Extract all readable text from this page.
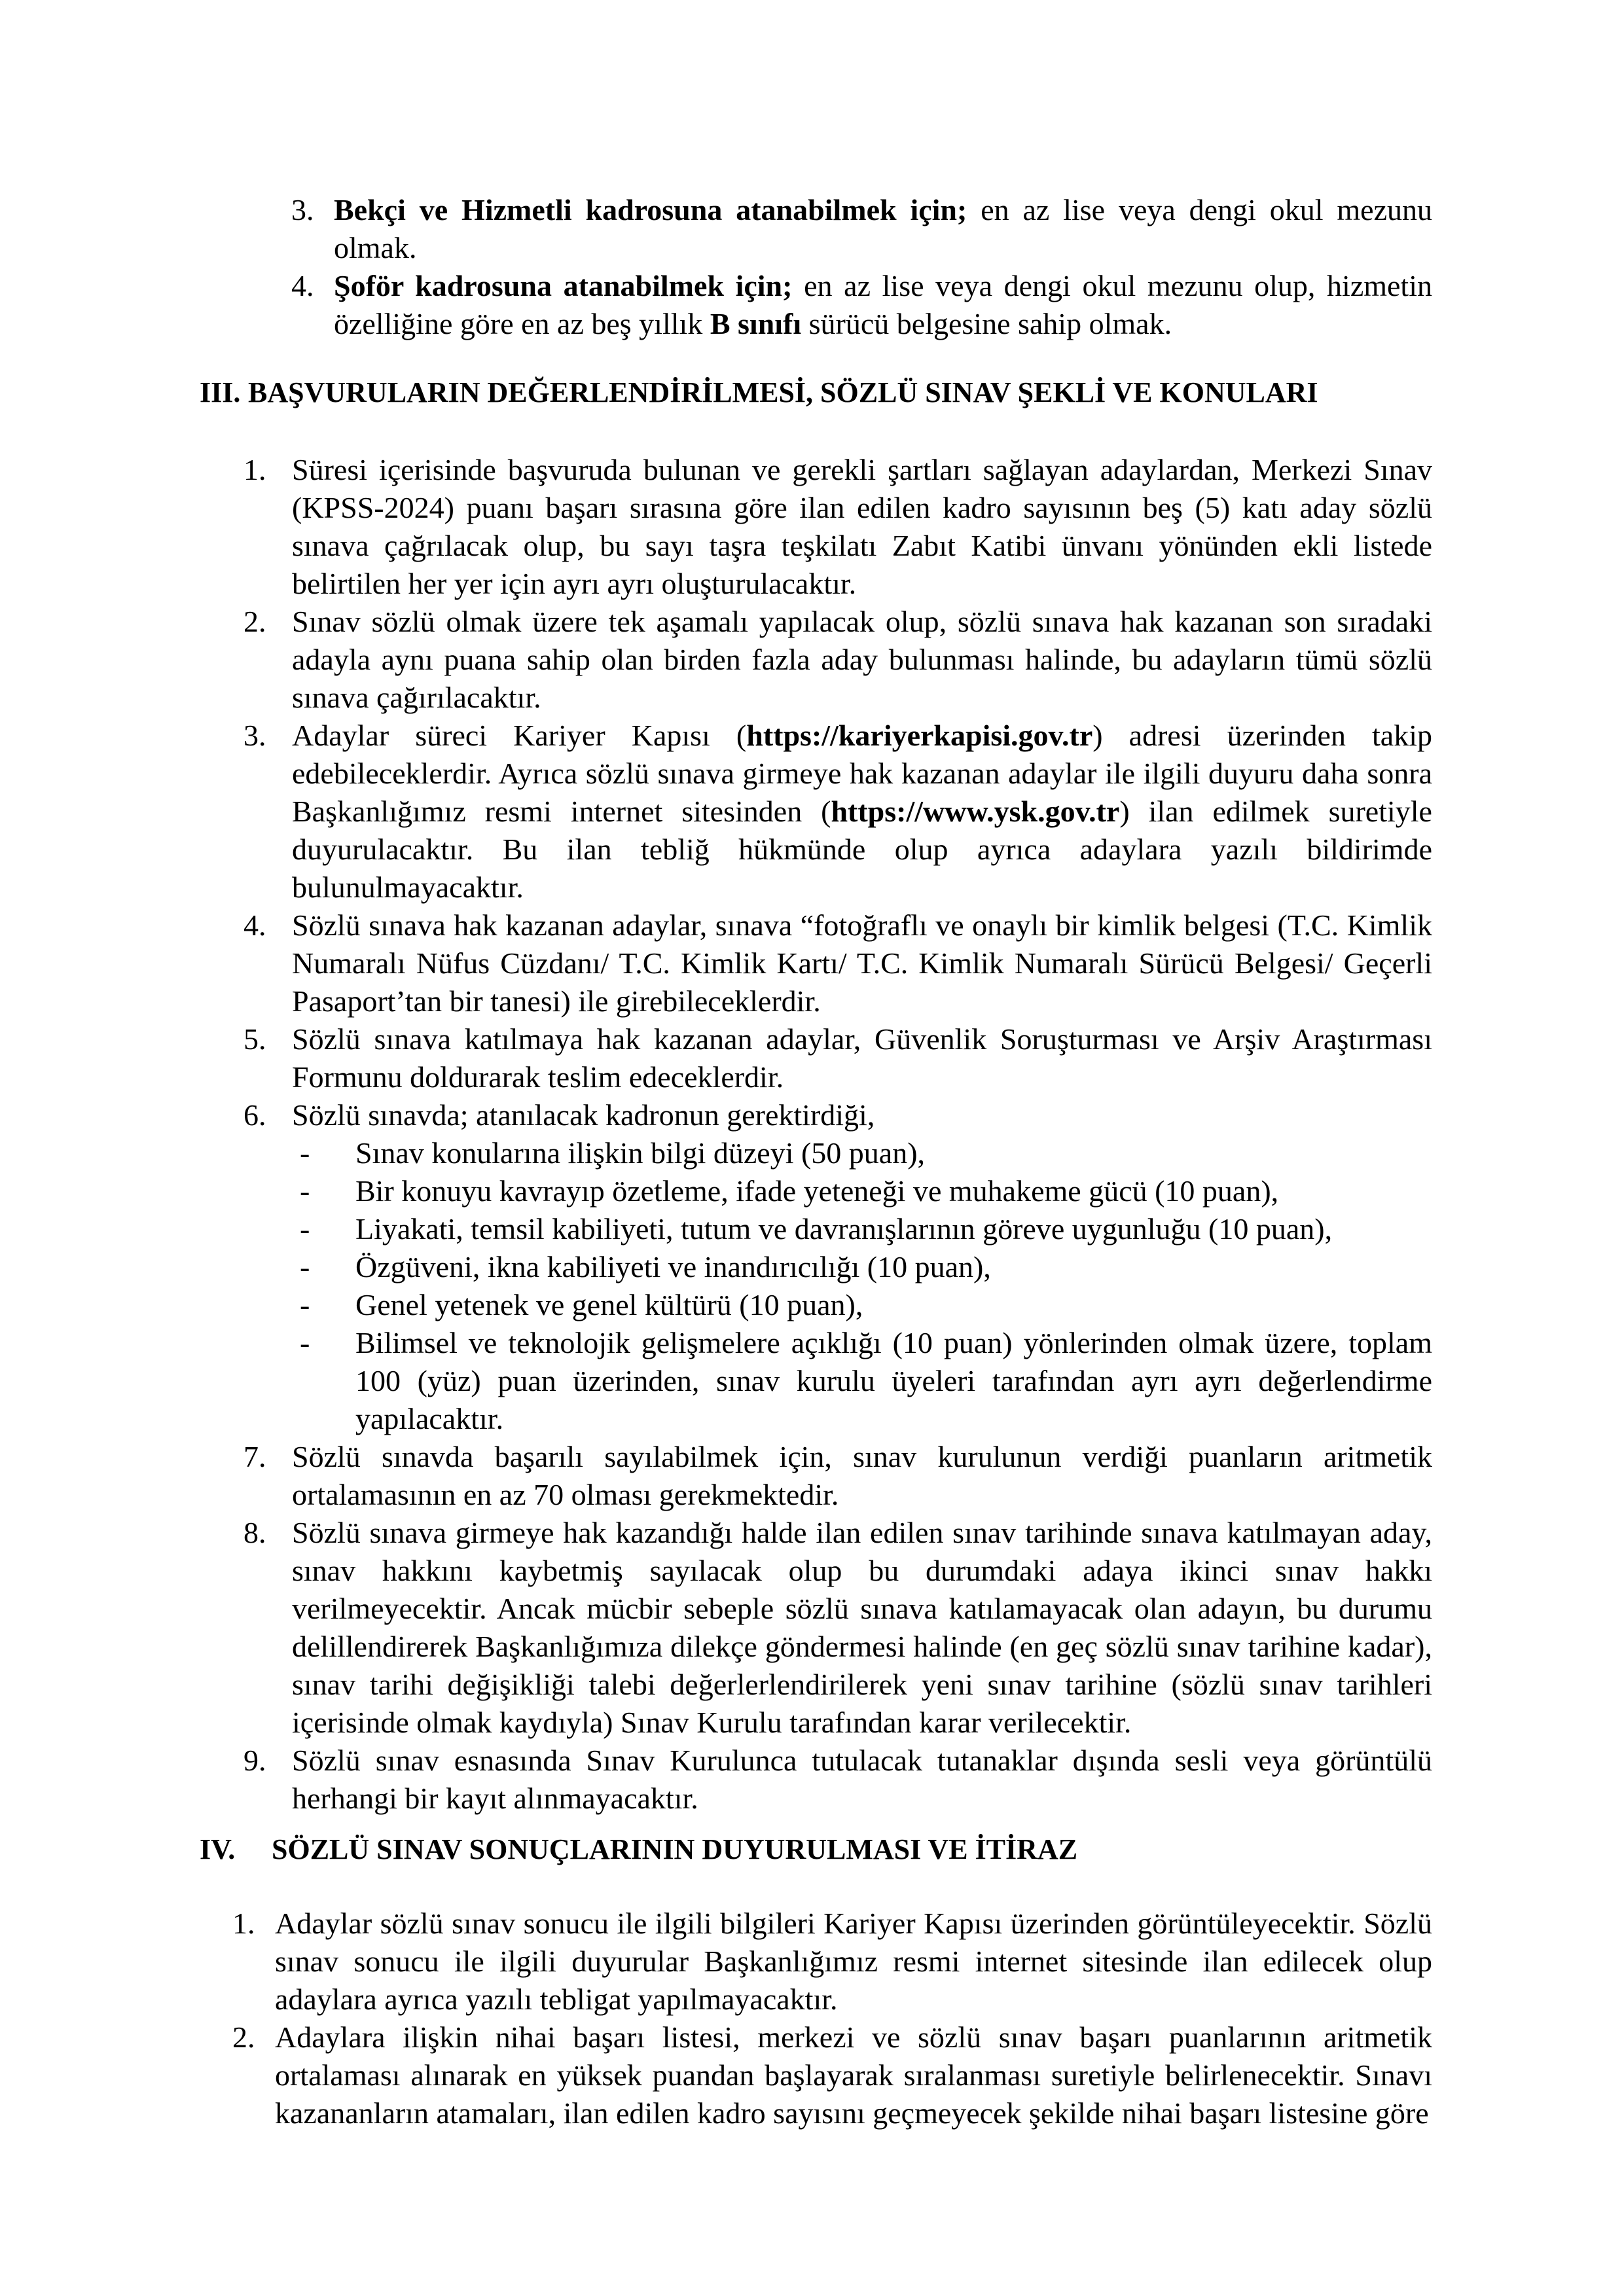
3. Bekçi ve Hizmetli kadrosuna atanabilmek için; en az lise veya dengi okul mezunu olmak.
4. Şoför kadrosuna atanabilmek için; en az lise veya dengi okul mezunu olup, hizmetin özelliğine göre en az beş yıllık B sınıfı sürücü belgesine sahip olmak.
III. BAŞVURULARIN DEĞERLENDİRİLMESİ, SÖZLÜ SINAV ŞEKLİ VE KONULARI
1. Süresi içerisinde başvuruda bulunan ve gerekli şartları sağlayan adaylardan, Merkezi Sınav (KPSS-2024) puanı başarı sırasına göre ilan edilen kadro sayısının beş (5) katı aday sözlü sınava çağrılacak olup, bu sayı taşra teşkilatı Zabıt Katibi ünvanı yönünden ekli listede belirtilen her yer için ayrı ayrı oluşturulacaktır.
2. Sınav sözlü olmak üzere tek aşamalı yapılacak olup, sözlü sınava hak kazanan son sıradaki adayla aynı puana sahip olan birden fazla aday bulunması halinde, bu adayların tümü sözlü sınava çağırılacaktır.
3. Adaylar süreci Kariyer Kapısı (https://kariyerkapisi.gov.tr) adresi üzerinden takip edebileceklerdir. Ayrıca sözlü sınava girmeye hak kazanan adaylar ile ilgili duyuru daha sonra Başkanlığımız resmi internet sitesinden (https://www.ysk.gov.tr) ilan edilmek suretiyle duyurulacaktır. Bu ilan tebliğ hükmünde olup ayrıca adaylara yazılı bildirimde bulunulmayacaktır.
4. Sözlü sınava hak kazanan adaylar, sınava “fotoğraflı ve onaylı bir kimlik belgesi (T.C. Kimlik Numaralı Nüfus Cüzdanı/ T.C. Kimlik Kartı/ T.C. Kimlik Numaralı Sürücü Belgesi/ Geçerli Pasaport’tan bir tanesi) ile girebileceklerdir.
5. Sözlü sınava katılmaya hak kazanan adaylar, Güvenlik Soruşturması ve Arşiv Araştırması Formunu doldurarak teslim edeceklerdir.
6. Sözlü sınavda; atanılacak kadronun gerektirdiği,
- Sınav konularına ilişkin bilgi düzeyi (50 puan),
- Bir konuyu kavrayıp özetleme, ifade yeteneği ve muhakeme gücü (10 puan),
- Liyakati, temsil kabiliyeti, tutum ve davranışlarının göreve uygunluğu (10 puan),
- Özgüveni, ikna kabiliyeti ve inandırıcılığı (10 puan),
- Genel yetenek ve genel kültürü (10 puan),
- Bilimsel ve teknolojik gelişmelere açıklığı (10 puan) yönlerinden olmak üzere, toplam 100 (yüz) puan üzerinden, sınav kurulu üyeleri tarafından ayrı ayrı değerlendirme yapılacaktır.
7. Sözlü sınavda başarılı sayılabilmek için, sınav kurulunun verdiği puanların aritmetik ortalamasının en az 70 olması gerekmektedir.
8. Sözlü sınava girmeye hak kazandığı halde ilan edilen sınav tarihinde sınava katılmayan aday, sınav hakkını kaybetmiş sayılacak olup bu durumdaki adaya ikinci sınav hakkı verilmeyecektir. Ancak mücbir sebeple sözlü sınava katılamayacak olan adayın, bu durumu delillendirerek Başkanlığımıza dilekçe göndermesi halinde (en geç sözlü sınav tarihine kadar), sınav tarihi değişikliği talebi değerlerlendirilerek yeni sınav tarihine (sözlü sınav tarihleri içerisinde olmak kaydıyla) Sınav Kurulu tarafından karar verilecektir.
9. Sözlü sınav esnasında Sınav Kurulunca tutulacak tutanaklar dışında sesli veya görüntülü herhangi bir kayıt alınmayacaktır.
IV.	SÖZLÜ SINAV SONUÇLARININ DUYURULMASI VE İTİRAZ
1. Adaylar sözlü sınav sonucu ile ilgili bilgileri Kariyer Kapısı üzerinden görüntüleyecektir. Sözlü sınav sonucu ile ilgili duyurular Başkanlığımız resmi internet sitesinde ilan edilecek olup adaylara ayrıca yazılı tebligat yapılmayacaktır.
2. Adaylara ilişkin nihai başarı listesi, merkezi ve sözlü sınav başarı puanlarının aritmetik ortalaması alınarak en yüksek puandan başlayarak sıralanması suretiyle belirlenecektir. Sınavı kazananların atamaları, ilan edilen kadro sayısını geçmeyecek şekilde nihai başarı listesine göre
